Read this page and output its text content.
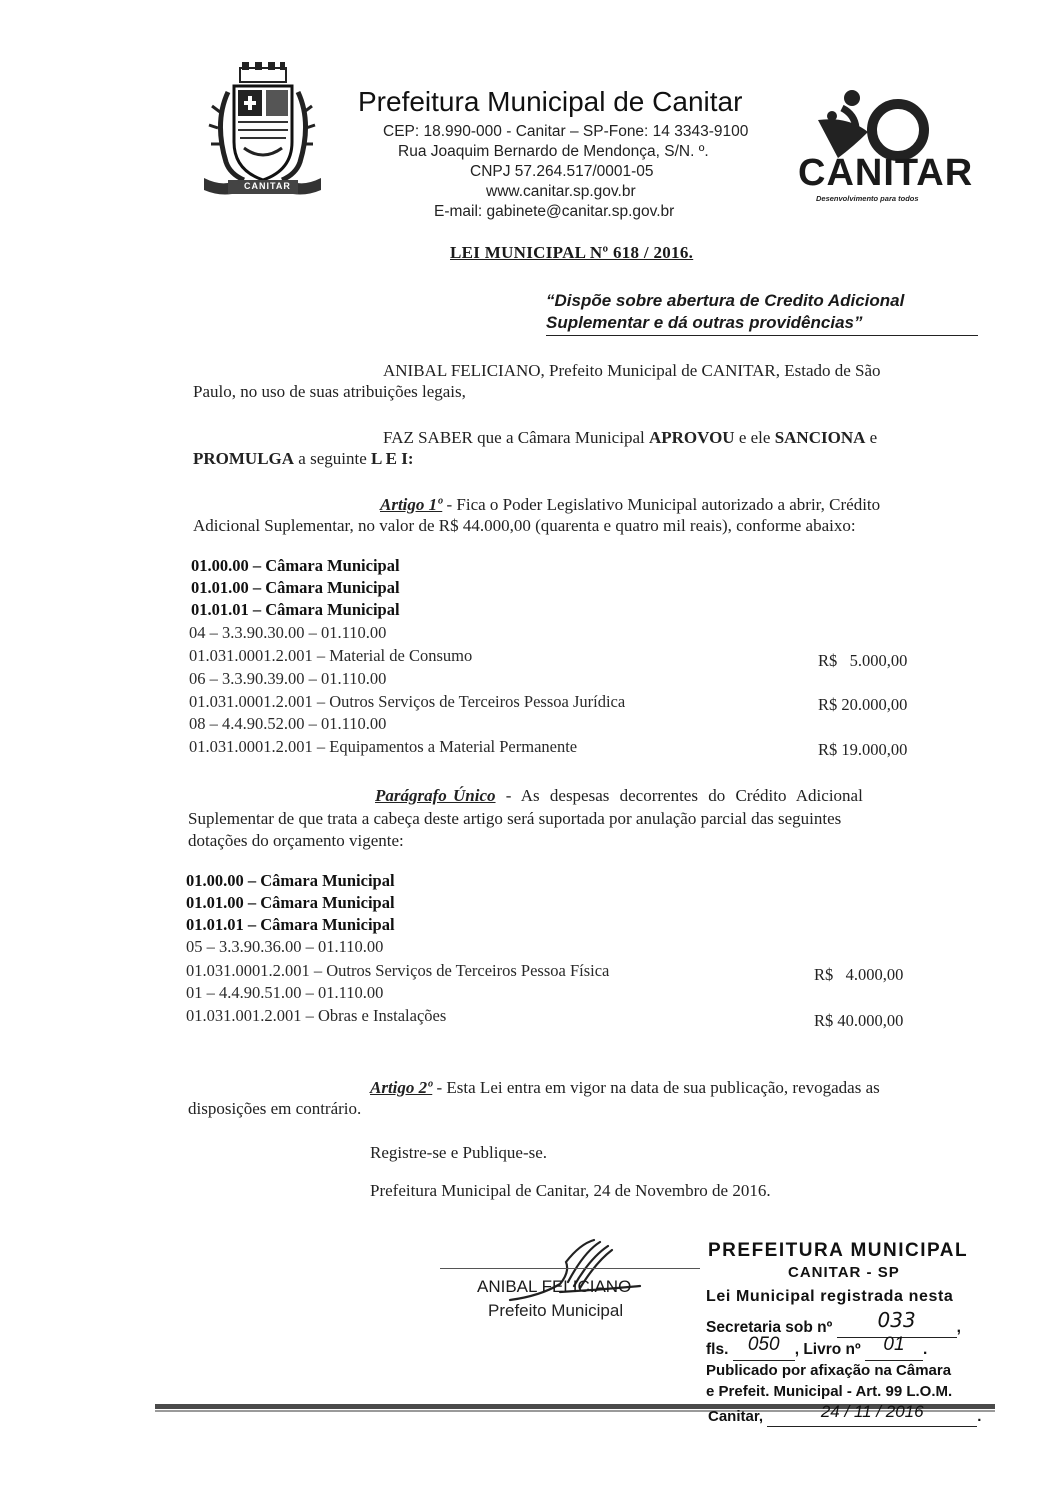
CANITAR
Prefeitura Municipal de Canitar
CEP: 18.990-000 - Canitar – SP-Fone: 14 3343-9100
Rua Joaquim Bernardo de Mendonça, S/N. º.
CNPJ 57.264.517/0001-05
www.canitar.sp.gov.br
E-mail: gabinete@canitar.sp.gov.br
CANITAR
Desenvolvimento para todos
LEI MUNICIPAL Nº 618 / 2016.
“Dispõe sobre abertura de Credito Adicional
Suplementar e dá outras providências”
ANIBAL FELICIANO, Prefeito Municipal de CANITAR, Estado de São
Paulo, no uso de suas atribuições legais,
FAZ SABER que a Câmara Municipal APROVOU e ele SANCIONA e
PROMULGA a seguinte L E I:
Artigo 1º - Fica o Poder Legislativo Municipal autorizado a abrir, Crédito
Adicional Suplementar, no valor de R$ 44.000,00 (quarenta e quatro mil reais), conforme abaixo:
01.00.00 – Câmara Municipal
01.01.00 – Câmara Municipal
01.01.01 – Câmara Municipal
04 – 3.3.90.30.00 – 01.110.00
01.031.0001.2.001 – Material de Consumo	R$   5.000,00
06 – 3.3.90.39.00 – 01.110.00
01.031.0001.2.001 – Outros Serviços de Terceiros Pessoa Jurídica	R$ 20.000,00
08 – 4.4.90.52.00 – 01.110.00
01.031.0001.2.001 – Equipamentos a Material Permanente	R$ 19.000,00
Parágrafo Único - As despesas decorrentes do Crédito Adicional
Suplementar de que trata a cabeça deste artigo será suportada por anulação parcial das seguintes
dotações do orçamento vigente:
01.00.00 – Câmara Municipal
01.01.00 – Câmara Municipal
01.01.01 – Câmara Municipal
05 – 3.3.90.36.00 – 01.110.00
01.031.0001.2.001 – Outros Serviços de Terceiros Pessoa Física	R$   4.000,00
01 – 4.4.90.51.00 – 01.110.00
01.031.001.2.001 – Obras e Instalações	R$ 40.000,00
Artigo 2º - Esta Lei entra em vigor na data de sua publicação, revogadas as
disposições em contrário.
Registre-se e Publique-se.
Prefeitura Municipal de Canitar, 24 de Novembro de 2016.
ANIBAL FELICIANO
Prefeito Municipal
PREFEITURA MUNICIPAL
CANITAR - SP
Lei Municipal registrada nesta
Secretaria sob nº 033	,
fls. 050 , Livro nº 01 .
Publicado por afixação na Câmara
e Prefeit. Municipal - Art. 99 L.O.M.
Canitar,	24 / 11 / 2016	.
